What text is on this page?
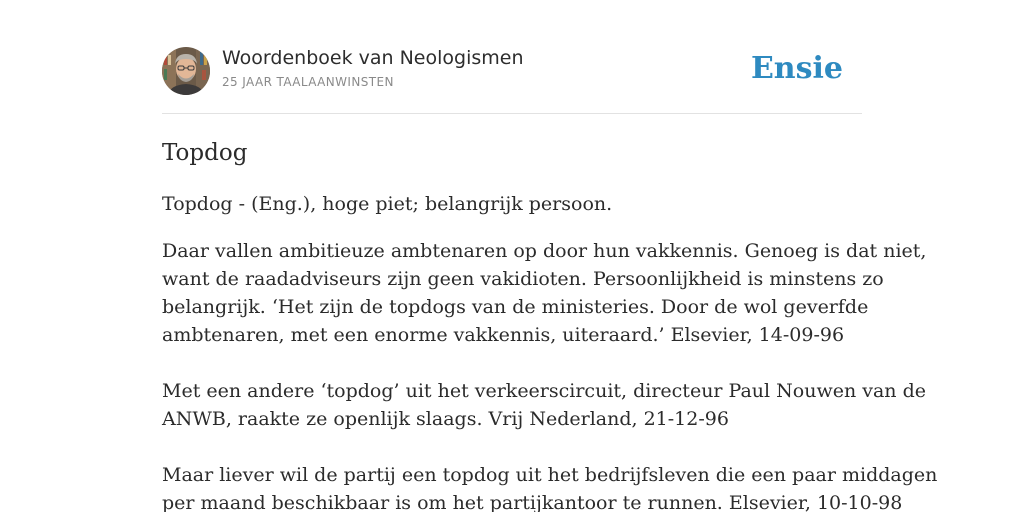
Woordenboek van Neologismen
25 JAAR TAALAANWINSTEN	Ensie
Topdog

Topdog - (Eng.), hoge piet; belangrijk persoon.

Daar vallen ambitieuze ambtenaren op door hun vakkennis. Genoeg is dat niet,
want de raadadviseurs zijn geen vakidioten. Persoonlijkheid is minstens zo
belangrijk. ‘Het zijn de topdogs van de ministeries. Door de wol geverfde
ambtenaren, met een enorme vakkennis, uiteraard.’ Elsevier, 14-09-96

Met een andere ‘topdog’ uit het verkeerscircuit, directeur Paul Nouwen van de
ANWB, raakte ze openlijk slaags. Vrij Nederland, 21-12-96

Maar liever wil de partij een topdog uit het bedrijfsleven die een paar middagen
per maand beschikbaar is om het partijkantoor te runnen. Elsevier, 10-10-98
